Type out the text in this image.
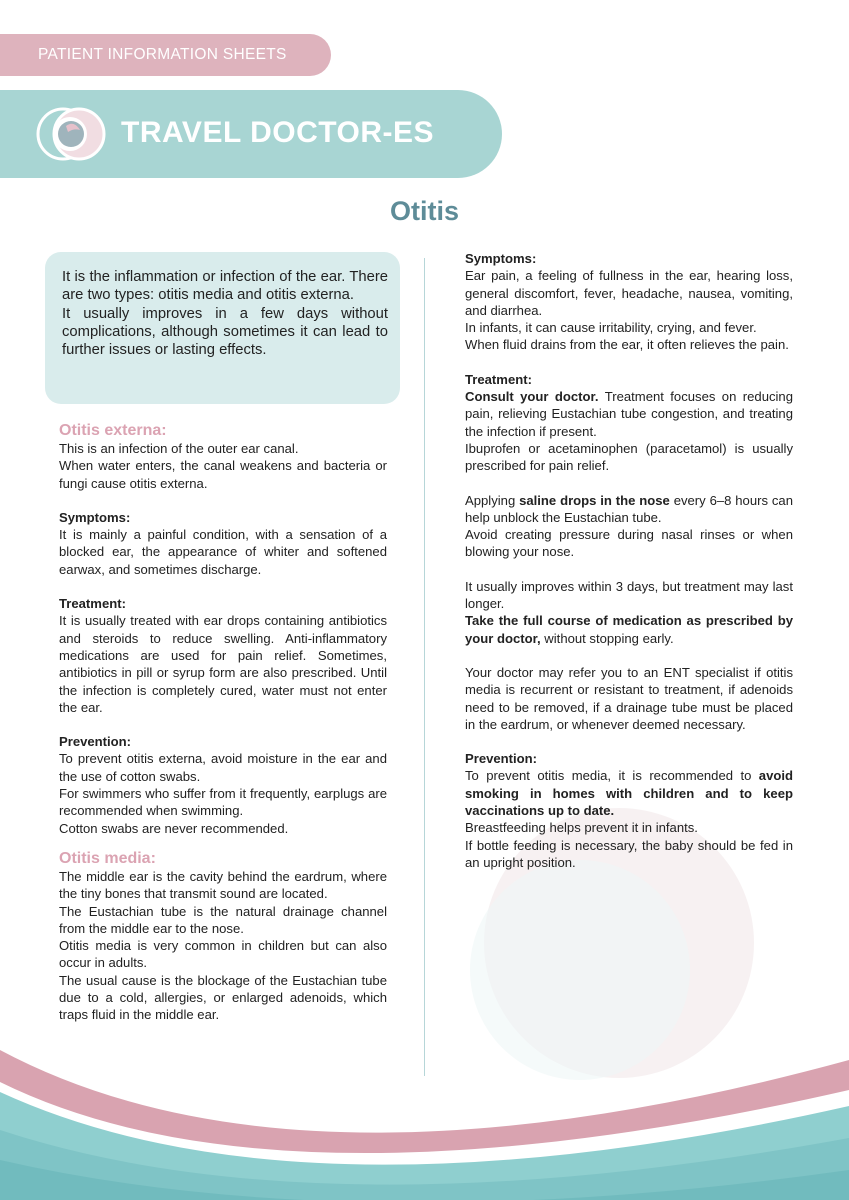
PATIENT INFORMATION SHEETS
TRAVEL DOCTOR-ES
Otitis

It is the inflammation or infection of the ear. There are two types: otitis media and otitis externa.
It usually improves in a few days without complications, although sometimes it can lead to further issues or lasting effects.

Otitis externa:

This is an infection of the outer ear canal.
When water enters, the canal weakens and bacteria or fungi cause otitis externa.

Symptoms:

It is mainly a painful condition, with a sensation of a blocked ear, the appearance of whiter and softened earwax, and sometimes discharge.

Treatment:

It is usually treated with ear drops containing antibiotics and steroids to reduce swelling. Anti-inflammatory medications are used for pain relief. Sometimes, antibiotics in pill or syrup form are also prescribed. Until the infection is completely cured, water must not enter the ear.

Prevention:

To prevent otitis externa, avoid moisture in the ear and the use of cotton swabs.
For swimmers who suffer from it frequently, earplugs are recommended when swimming.
Cotton swabs are never recommended.

Otitis media:

The middle ear is the cavity behind the eardrum, where the tiny bones that transmit sound are located.
The Eustachian tube is the natural drainage channel from the middle ear to the nose.
Otitis media is very common in children but can also occur in adults.
The usual cause is the blockage of the Eustachian tube due to a cold, allergies, or enlarged adenoids, which traps fluid in the middle ear.

Symptoms:

Ear pain, a feeling of fullness in the ear, hearing loss, general discomfort, fever, headache, nausea, vomiting, and diarrhea.
In infants, it can cause irritability, crying, and fever.
When fluid drains from the ear, it often relieves the pain.

Treatment:

Consult your doctor. Treatment focuses on reducing pain, relieving Eustachian tube congestion, and treating the infection if present.

Ibuprofen or acetaminophen (paracetamol) is usually prescribed for pain relief.

Applying saline drops in the nose every 6–8 hours can help unblock the Eustachian tube.

Avoid creating pressure during nasal rinses or when blowing your nose.

It usually improves within 3 days, but treatment may last longer.

Take the full course of medication as prescribed by your doctor, without stopping early.

Your doctor may refer you to an ENT specialist if otitis media is recurrent or resistant to treatment, if adenoids need to be removed, if a drainage tube must be placed in the eardrum, or whenever deemed necessary.

Prevention:

To prevent otitis media, it is recommended to avoid smoking in homes with children and to keep vaccinations up to date.
Breastfeeding helps prevent it in infants.
If bottle feeding is necessary, the baby should be fed in an upright position.
